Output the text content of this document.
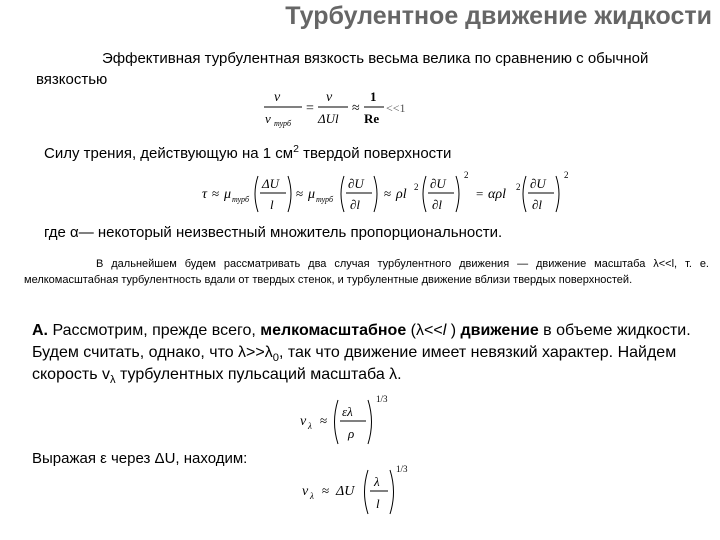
Турбулентное движение жидкости
Эффективная турбулентная вязкость весьма велика по сравнению с обычной вязкостью
ν
ν турб
=
ν
ΔUl
≈
1
Re
<<1
Силу трения, действующую на 1 $см^2$ твердой поверхности
τ ≈ μ турб
ΔU
l
≈ μ турб
∂U
∂l
≈ ρl 2 ∂U
∂l
2
= αρl 2 ∂U
∂l
2
где α— некоторый неизвестный множитель пропорциональности.
В дальнейшем будем рассматривать два случая турбулентного движения — движение масштаба λ<<l, т. е. мелкомасштабная турбулентность вдали от твердых стенок, и турбулентные движение вблизи твердых поверхностей.
А. Рассмотрим, прежде всего, мелкомасштабное (λ<<l ) движение в объеме жидкости. Будем считать, однако, что $\lambda>>\lambda_0$, так что движение имеет невязкий характер. Найдем скорость $v_\lambda$ турбулентных пульсаций масштаба λ.
v λ ≈
ελ
ρ
1/3
Выражая ε через ΔU, находим:
v λ ≈ ΔU
λ
l
1/3
